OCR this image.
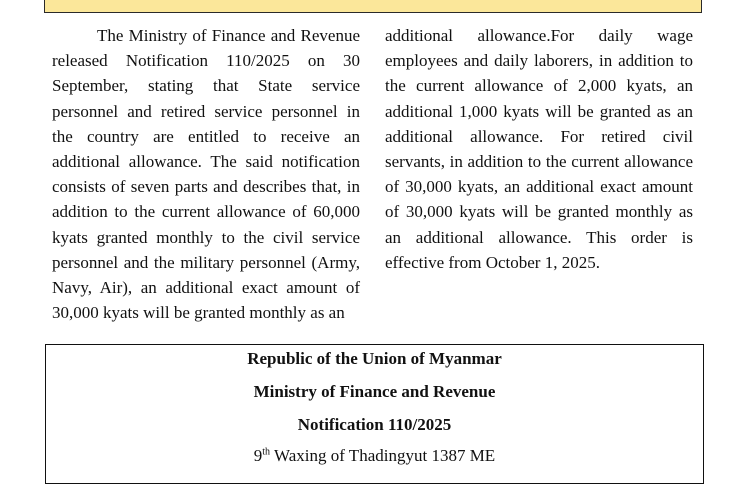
The Ministry of Finance and Revenue released Notification 110/2025 on 30 September, stating that State service personnel and retired service personnel in the country are entitled to receive an additional allowance. The said notification consists of seven parts and describes that, in addition to the current allowance of 60,000 kyats granted monthly to the civil service personnel and the military personnel (Army, Navy, Air), an additional exact amount of 30,000 kyats will be granted monthly as an

additional allowance.For daily wage employees and daily laborers, in addition to the current allowance of 2,000 kyats, an additional 1,000 kyats will be granted as an additional allowance. For retired civil servants, in addition to the current allowance of 30,000 kyats, an additional exact amount of 30,000 kyats will be granted monthly as an additional allowance. This order is effective from October 1, 2025.

Republic of the Union of Myanmar
Ministry of Finance and Revenue
Notification 110/2025
9th Waxing of Thadingyut 1387 ME
